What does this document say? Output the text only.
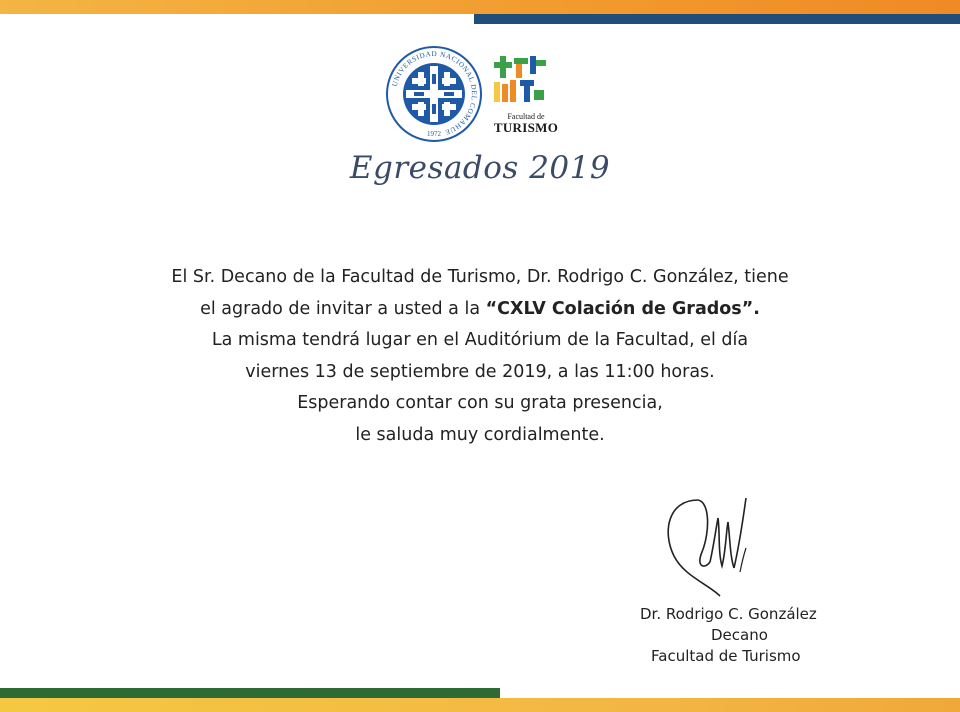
UNIVERSIDAD NACIONAL DEL COMAHUE
1972
Facultad de
TURISMO
Egresados 2019
El Sr. Decano de la Facultad de Turismo, Dr. Rodrigo C. González, tiene
el agrado de invitar a usted a la “CXLV Colación de Grados”.
La misma tendrá lugar en el Auditórium de la Facultad, el día
viernes 13 de septiembre de 2019, a las 11:00 horas.
Esperando contar con su grata presencia,
le saluda muy cordialmente.
Dr. Rodrigo C. González
Decano
Facultad de Turismo
